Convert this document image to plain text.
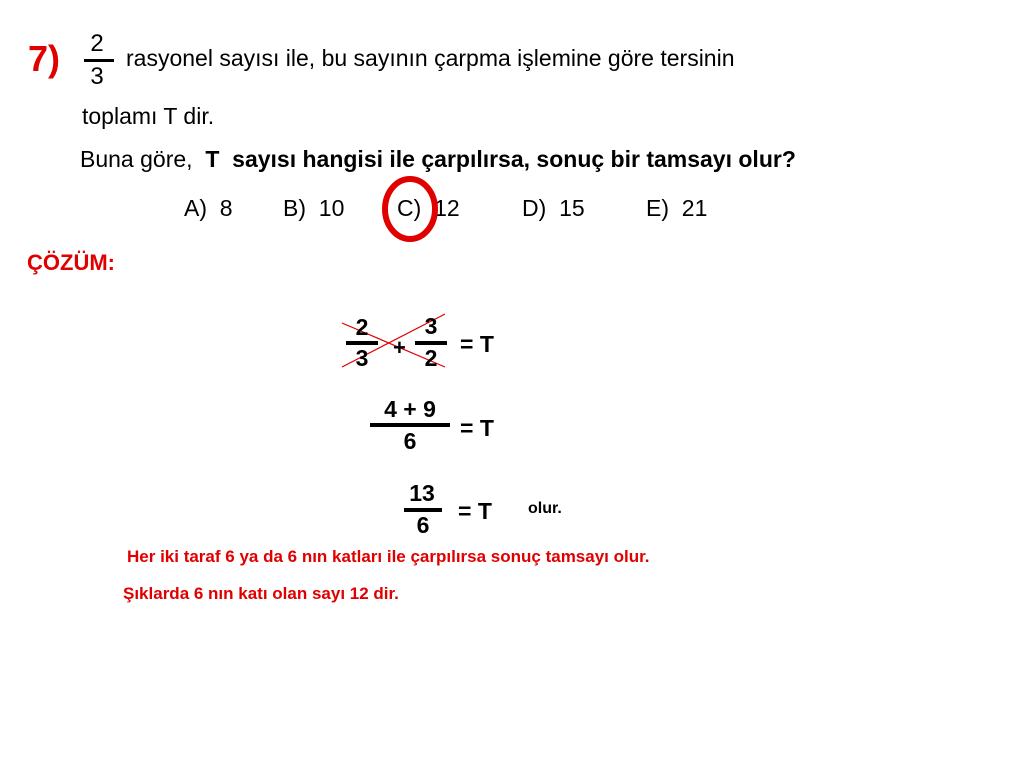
7) 2
3
rasyonel sayısı ile, bu sayının çarpma işlemine göre tersinin
toplamı T dir.
Buna göre, T sayısı hangisi ile çarpılırsa, sonuç bir tamsayı olur?
A) 8 B) 10 C) 12	D) 15	E) 21
ÇÖZÜM:
2
3 +
3
2
= T
4 + 9
6 = T
13
6
= T olur.
Her iki taraf 6 ya da 6 nın katları ile çarpılırsa sonuç tamsayı olur.
Şıklarda 6 nın katı olan sayı 12 dir.
